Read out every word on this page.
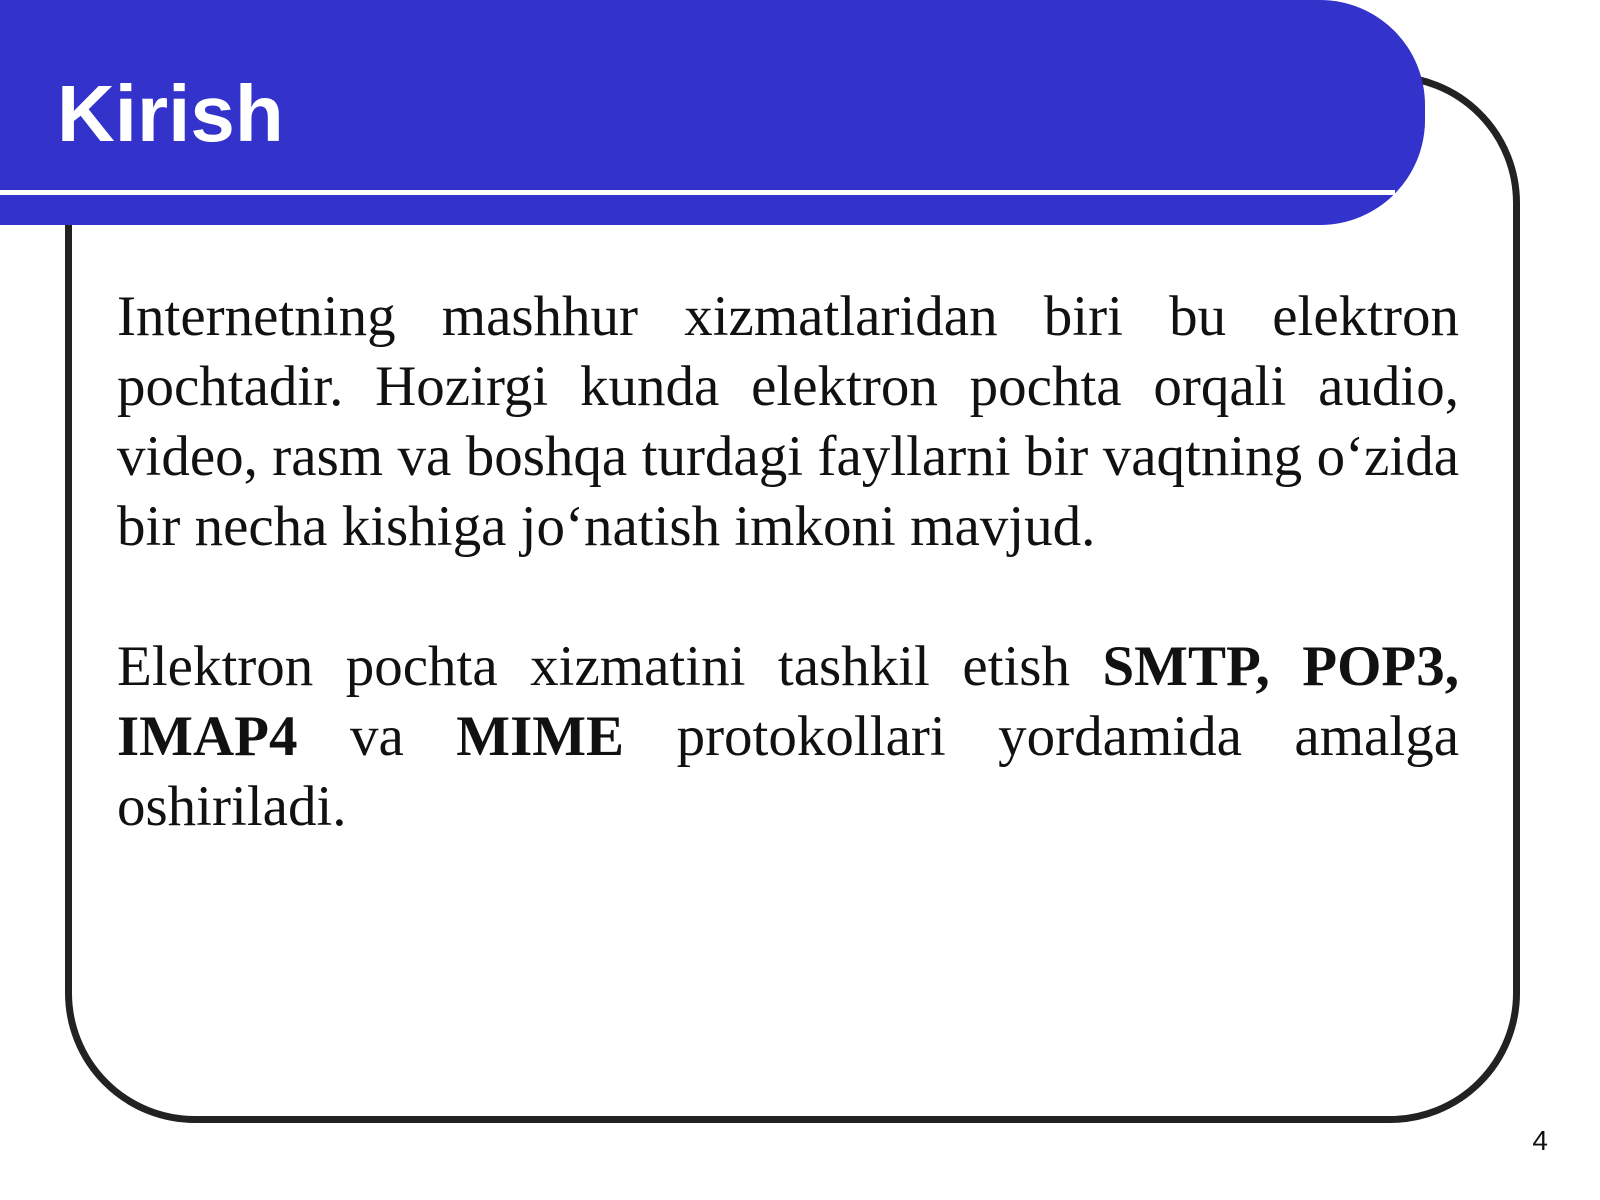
Kirish

Internetning mashhur xizmatlaridan biri bu elektron pochtadir. Hozirgi kunda elektron pochta orqali audio, video, rasm va boshqa turdagi fayllarni bir vaqtning oʻzida bir necha kishiga joʻnatish imkoni mavjud.

Elektron pochta xizmatini tashkil etish SMTP, POP3, IMAP4 va MIME protokollari yordamida amalga oshiriladi.

4
